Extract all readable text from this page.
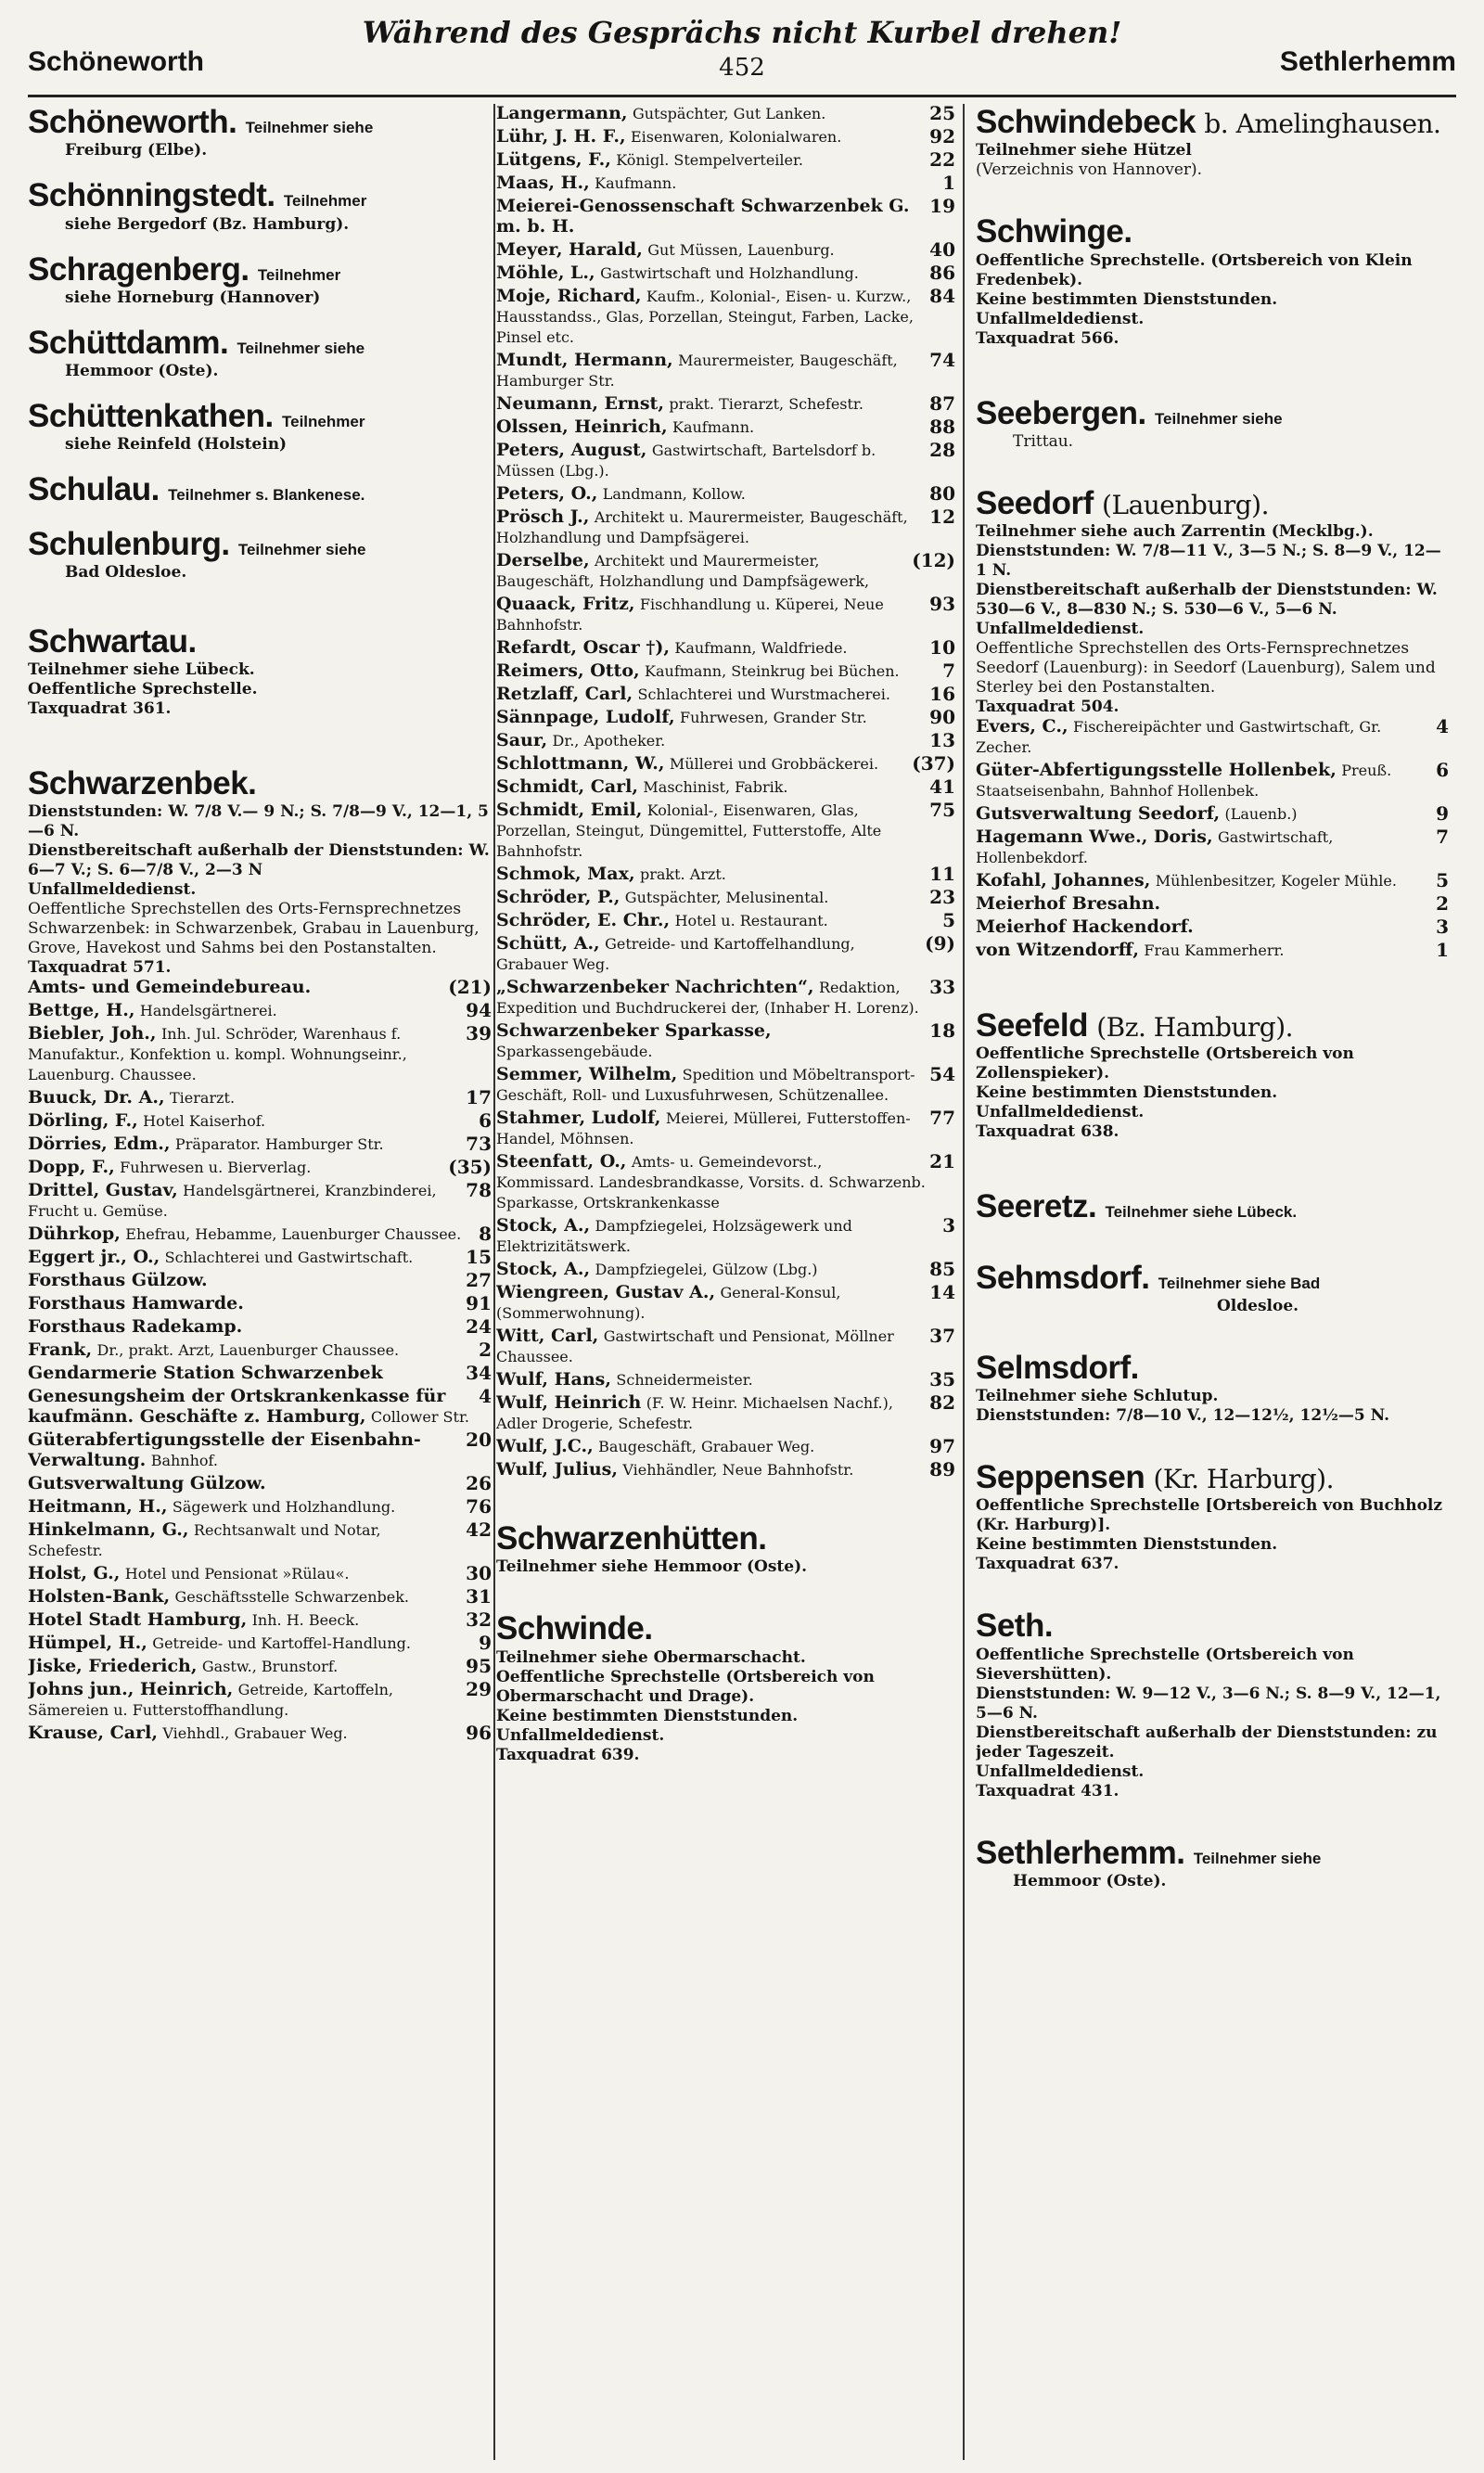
Schöneworth
Während des Gesprächs nicht Kurbel drehen!
452	Sethlerhemm
Schöneworth. Teilnehmer siehe
Freiburg (Elbe).
Schönningstedt. Teilnehmer
siehe Bergedorf (Bz. Hamburg).
Schragenberg. Teilnehmer
siehe Horneburg (Hannover)
Schüttdamm. Teilnehmer siehe
Hemmoor (Oste).
Schüttenkathen. Teilnehmer
siehe Reinfeld (Holstein)
Schulau. Teilnehmer s. Blankenese.
Schulenburg. Teilnehmer siehe
Bad Oldesloe.
Schwartau.
Teilnehmer siehe Lübeck.
Oeffentliche Sprechstelle.
Taxquadrat 361.
Schwarzenbek.
Dienststunden: W. 7/8 V.— 9 N.; S. 7/8—9 V., 12—1, 5—6 N.
Dienstbereitschaft außerhalb der Dienststunden: W. 6—7 V.; S. 6—7/8 V., 2—3 N
Unfallmeldedienst.
Oeffentliche Sprechstellen des Orts-Fernsprechnetzes Schwarzenbek: in Schwarzenbek, Grabau in Lauenburg, Grove, Havekost und Sahms bei den Postanstalten.
Taxquadrat 571.
(21)
Amts- und Gemeindebureau.
94
Bettge, H., Handelsgärtnerei.
39
Biebler, Joh., Inh. Jul. Schröder, Warenhaus f. Manufaktur., Konfektion u. kompl. Wohnungseinr., Lauenburg. Chaussee.
17
Buuck, Dr. A., Tierarzt.
6
Dörling, F., Hotel Kaiserhof.
73
Dörries, Edm., Präparator. Hamburger Str.
(35)
Dopp, F., Fuhrwesen u. Bierverlag.
78
Drittel, Gustav, Handelsgärtnerei, Kranzbinderei, Frucht u. Gemüse.
8
Dührkop, Ehefrau, Hebamme, Lauenburger Chaussee.
15
Eggert jr., O., Schlachterei und Gastwirtschaft.
27
Forsthaus Gülzow.
91
Forsthaus Hamwarde.
24
Forsthaus Radekamp.
2
Frank, Dr., prakt. Arzt, Lauenburger Chaussee.
34
Gendarmerie Station Schwarzenbek
4
Genesungsheim der Ortskrankenkasse für kaufmänn. Geschäfte z. Hamburg, Collower Str.
20
Güterabfertigungsstelle der Eisenbahn-Verwaltung. Bahnhof.
26
Gutsverwaltung Gülzow.
76
Heitmann, H., Sägewerk und Holzhandlung.
42
Hinkelmann, G., Rechtsanwalt und Notar, Schefestr.
30
Holst, G., Hotel und Pensionat »Rülau«.
31
Holsten-Bank, Geschäftsstelle Schwarzenbek.
32
Hotel Stadt Hamburg, Inh. H. Beeck.
9
Hümpel, H., Getreide- und Kartoffel-Handlung.
95
Jiske, Friederich, Gastw., Brunstorf.
29
Johns jun., Heinrich, Getreide, Kartoffeln, Sämereien u. Futterstoffhandlung.
96
Krause, Carl, Viehhdl., Grabauer Weg.
25
Langermann, Gutspächter, Gut Lanken.
92
Lühr, J. H. F., Eisenwaren, Kolonialwaren.
22
Lütgens, F., Königl. Stempelverteiler.
1
Maas, H., Kaufmann.
19
Meierei-Genossenschaft Schwarzenbek G. m. b. H.
40
Meyer, Harald, Gut Müssen, Lauenburg.
86
Möhle, L., Gastwirtschaft und Holzhandlung.
84
Moje, Richard, Kaufm., Kolonial-, Eisen- u. Kurzw., Hausstandss., Glas, Porzellan, Steingut, Farben, Lacke, Pinsel etc.
74
Mundt, Hermann, Maurermeister, Baugeschäft, Hamburger Str.
87
Neumann, Ernst, prakt. Tierarzt, Schefestr.
88
Olssen, Heinrich, Kaufmann.
28
Peters, August, Gastwirtschaft, Bartelsdorf b. Müssen (Lbg.).
80
Peters, O., Landmann, Kollow.
12
Prösch J., Architekt u. Maurermeister, Baugeschäft, Holzhandlung und Dampfsägerei.
(12)
Derselbe, Architekt und Maurermeister, Baugeschäft, Holzhandlung und Dampfsägewerk,
93
Quaack, Fritz, Fischhandlung u. Küperei, Neue Bahnhofstr.
10
Refardt, Oscar †), Kaufmann, Waldfriede.
7
Reimers, Otto, Kaufmann, Steinkrug bei Büchen.
16
Retzlaff, Carl, Schlachterei und Wurstmacherei.
90
Sännpage, Ludolf, Fuhrwesen, Grander Str.
13
Saur, Dr., Apotheker.
(37)
Schlottmann, W., Müllerei und Grobbäckerei.
41
Schmidt, Carl, Maschinist, Fabrik.
75
Schmidt, Emil, Kolonial-, Eisenwaren, Glas, Porzellan, Steingut, Düngemittel, Futterstoffe, Alte Bahnhofstr.
11
Schmok, Max, prakt. Arzt.
23
Schröder, P., Gutspächter, Melusinental.
5
Schröder, E. Chr., Hotel u. Restaurant.
(9)
Schütt, A., Getreide- und Kartoffelhandlung, Grabauer Weg.
33
„Schwarzenbeker Nachrichten“, Redaktion, Expedition und Buchdruckerei der, (Inhaber H. Lorenz).
18
Schwarzenbeker Sparkasse, Sparkassengebäude.
54
Semmer, Wilhelm, Spedition und Möbeltransport-Geschäft, Roll- und Luxusfuhrwesen, Schützenallee.
77
Stahmer, Ludolf, Meierei, Müllerei, Futterstoffen-Handel, Möhnsen.
21
Steenfatt, O., Amts- u. Gemeindevorst., Kommissard. Landesbrandkasse, Vorsits. d. Schwarzenb. Sparkasse, Ortskrankenkasse
3
Stock, A., Dampfziegelei, Holzsägewerk und Elektrizitätswerk.
85
Stock, A., Dampfziegelei, Gülzow (Lbg.)
14
Wiengreen, Gustav A., General-Konsul, (Sommerwohnung).
37
Witt, Carl, Gastwirtschaft und Pensionat, Möllner Chaussee.
35
Wulf, Hans, Schneidermeister.
82
Wulf, Heinrich (F. W. Heinr. Michaelsen Nachf.), Adler Drogerie, Schefestr.
97
Wulf, J.C., Baugeschäft, Grabauer Weg.
89
Wulf, Julius, Viehhändler, Neue Bahnhofstr.
Schwarzenhütten.
Teilnehmer siehe Hemmoor (Oste).
Schwinde.
Teilnehmer siehe Obermarschacht.
Oeffentliche Sprechstelle (Ortsbereich von Obermarschacht und Drage).
Keine bestimmten Dienststunden. Unfallmeldedienst.
Taxquadrat 639.
Schwindebeck b. Amelinghausen.
Teilnehmer siehe Hützel
(Verzeichnis von Hannover).
Schwinge.
Oeffentliche Sprechstelle. (Ortsbereich von Klein Fredenbek).
Keine bestimmten Dienststunden. Unfallmeldedienst.
Taxquadrat 566.
Seebergen. Teilnehmer siehe
Trittau.
Seedorf (Lauenburg).
Teilnehmer siehe auch Zarrentin (Mecklbg.).
Dienststunden: W. 7/8—11 V., 3—5 N.; S. 8—9 V., 12—1 N.
Dienstbereitschaft außerhalb der Dienststunden: W. 530—6 V., 8—830 N.; S. 530—6 V., 5—6 N. Unfallmeldedienst.
Oeffentliche Sprechstellen des Orts-Fernsprechnetzes Seedorf (Lauenburg): in Seedorf (Lauenburg), Salem und Sterley bei den Postanstalten.
Taxquadrat 504.
4
Evers, C., Fischereipächter und Gastwirtschaft, Gr. Zecher.
6
Güter-Abfertigungsstelle Hollenbek, Preuß. Staatseisenbahn, Bahnhof Hollenbek.
9
Gutsverwaltung Seedorf, (Lauenb.)
7
Hagemann Wwe., Doris, Gastwirtschaft, Hollenbekdorf.
5
Kofahl, Johannes, Mühlenbesitzer, Kogeler Mühle.
2
Meierhof Bresahn.
3
Meierhof Hackendorf.
1
von Witzendorff, Frau Kammerherr.
Seefeld (Bz. Hamburg).
Oeffentliche Sprechstelle (Ortsbereich von Zollenspieker).
Keine bestimmten Dienststunden. Unfallmeldedienst.
Taxquadrat 638.
Seeretz. Teilnehmer siehe Lübeck.
Sehmsdorf. Teilnehmer siehe Bad
Oldesloe.
Selmsdorf.
Teilnehmer siehe Schlutup.
Dienststunden: 7/8—10 V., 12—12½, 12½—5 N.
Seppensen (Kr. Harburg).
Oeffentliche Sprechstelle [Ortsbereich von Buchholz (Kr. Harburg)].
Keine bestimmten Dienststunden.
Taxquadrat 637.
Seth.
Oeffentliche Sprechstelle (Ortsbereich von Sievershütten).
Dienststunden: W. 9—12 V., 3—6 N.; S. 8—9 V., 12—1, 5—6 N.
Dienstbereitschaft außerhalb der Dienststunden: zu jeder Tageszeit.
Unfallmeldedienst.
Taxquadrat 431.
Sethlerhemm. Teilnehmer siehe
Hemmoor (Oste).
